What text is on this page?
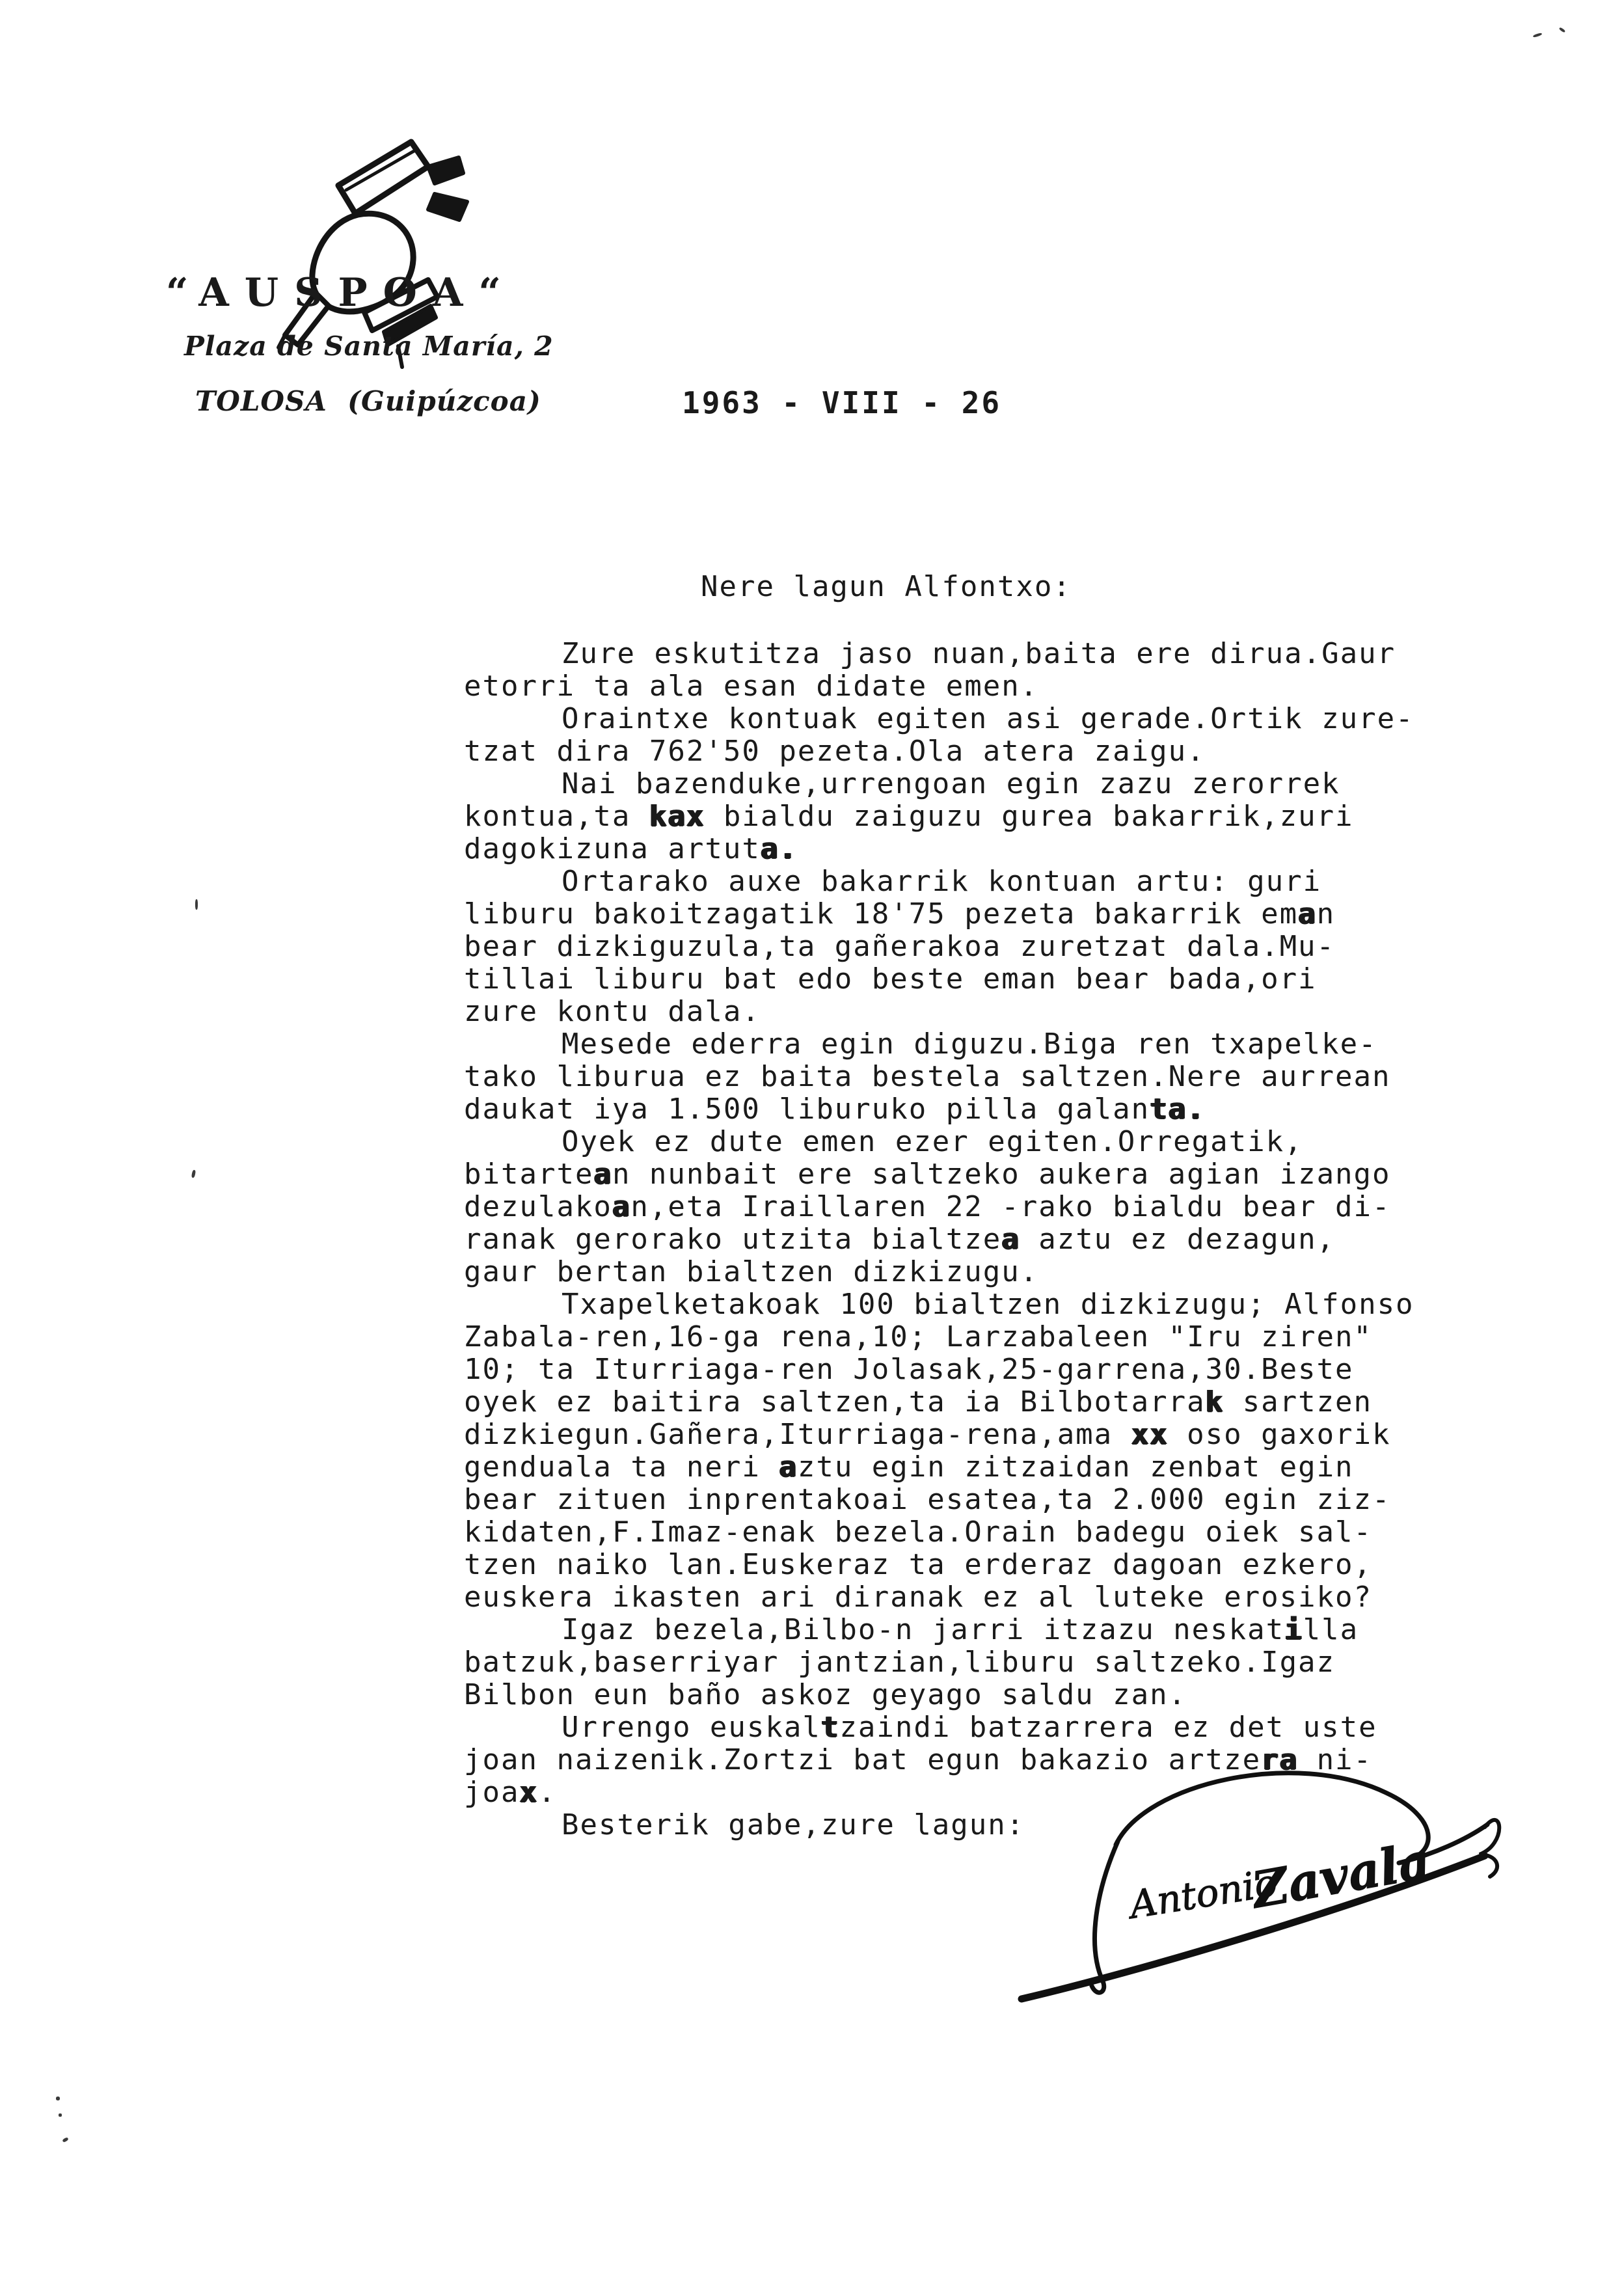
“AUSPOA“
Plaza de Santa María, 2
TOLOSA  (Guipúzcoa)	1963 - VIII - 26
Nere lagun Alfontxo:
Zure eskutitza jaso nuan,baita ere dirua.Gaur
etorri ta ala esan didate emen.
Oraintxe kontuak egiten asi gerade.Ortik zure-
tzat dira 762'50 pezeta.Ola atera zaigu.
Nai bazenduke,urrengoan egin zazu zerorrek
kontua,ta kax bialdu zaiguzu gurea bakarrik,zuri
dagokizuna artuta.
Ortarako auxe bakarrik kontuan artu: guri
liburu bakoitzagatik 18'75 pezeta bakarrik eman
bear dizkiguzula,ta gañerakoa zuretzat dala.Mu-
tillai liburu bat edo beste eman bear bada,ori
zure kontu dala.
Mesede ederra egin diguzu.Biga ren txapelke-
tako liburua ez baita bestela saltzen.Nere aurrean
daukat iya 1.500 liburuko pilla galanta.
Oyek ez dute emen ezer egiten.Orregatik,
bitartean nunbait ere saltzeko aukera agian izango
dezulakoan,eta Iraillaren 22 -rako bialdu bear di-
ranak gerorako utzita bialtzea aztu ez dezagun,
gaur bertan bialtzen dizkizugu.
Txapelketakoak 100 bialtzen dizkizugu; Alfonso
Zabala-ren,16-ga rena,10; Larzabaleen "Iru ziren"
10; ta Iturriaga-ren Jolasak,25-garrena,30.Beste
oyek ez baitira saltzen,ta ia Bilbotarrak sartzen
dizkiegun.Gañera,Iturriaga-rena,ama xx oso gaxorik
genduala ta neri aztu egin zitzaidan zenbat egin
bear zituen inprentakoai esatea,ta 2.000 egin ziz-
kidaten,F.Imaz-enak bezela.Orain badegu oiek sal-
tzen naiko lan.Euskeraz ta erderaz dagoan ezkero,
euskera ikasten ari diranak ez al luteke erosiko?
Igaz bezela,Bilbo-n jarri itzazu neskatilla
batzuk,baserriyar jantzian,liburu saltzeko.Igaz
Bilbon eun baño askoz geyago saldu zan.
Urrengo euskaltzaindi batzarrera ez det uste
joan naizenik.Zortzi bat egun bakazio artzera ni-
joax.
Besterik gabe,zure lagun:
Antonio
Zavala
